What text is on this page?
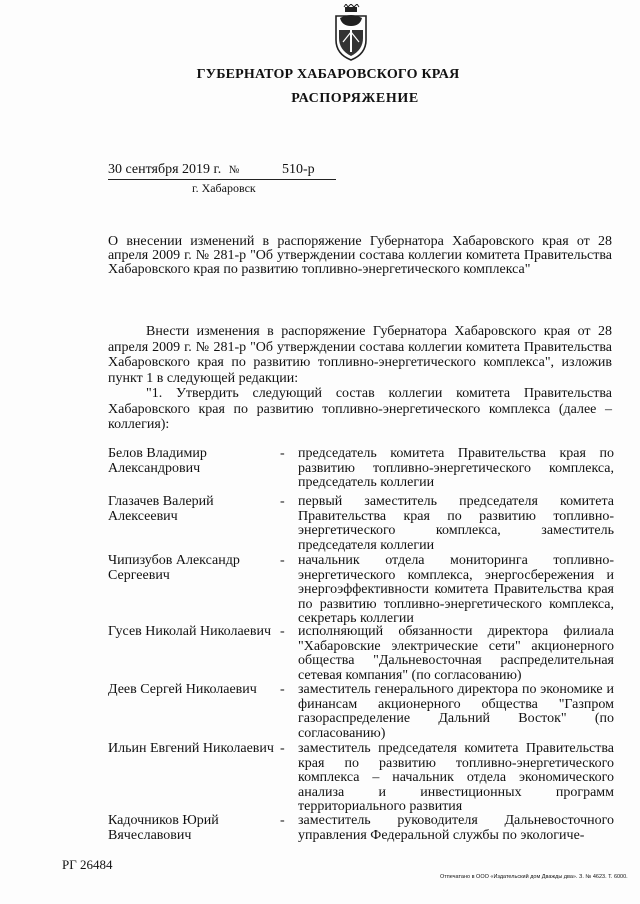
ГУБЕРНАТОР ХАБАРОВСКОГО КРАЯ
РАСПОРЯЖЕНИЕ
30 сентября 2019 г. №	510-р
г. Хабаровск
О внесении изменений в распоряжение Губернатора Хабаровского края от 28 апреля 2009 г. № 281-р "Об утверждении состава коллегии комитета Правительства Хабаровского края по развитию топливно-энергетического комплекса"
Внести изменения в распоряжение Губернатора Хабаровского края от 28 апреля 2009 г. № 281-р "Об утверждении состава коллегии комитета Правительства Хабаровского края по развитию топливно-энергетического комплекса", изложив пункт 1 в следующей редакции:
"1. Утвердить следующий состав коллегии комитета Правительства Хабаровского края по развитию топливно-энергетического комплекса (далее – коллегия):
Белов Владимир Александрович
- председатель комитета Правительства края по развитию топливно-энергетического комплекса, председатель коллегии
Глазачев Валерий Алексеевич
- первый заместитель председателя комитета Правительства края по развитию топливно-энергетического комплекса, заместитель председателя коллегии
Чипизубов Александр Сергеевич
- начальник отдела мониторинга топливно-энергетического комплекса, энергосбережения и энергоэффективности комитета Правительства края по развитию топливно-энергетического комплекса, секретарь коллегии
Гусев Николай Николаевич - исполняющий обязанности директора филиала "Хабаровские электрические сети" акционерного общества "Дальневосточная распределительная сетевая компания" (по согласованию)
Деев Сергей Николаевич	- заместитель генерального директора по экономике и финансам акционерного общества "Газпром газораспределение Дальний Восток" (по согласованию)
Ильин Евгений Николаевич - заместитель председателя комитета Правительства края по развитию топливно-энергетического комплекса – начальник отдела экономического анализа и инвестиционных программ территориального развития
Кадочников Юрий Вячеславович
- заместитель руководителя Дальневосточного управления Федеральной службы по экологиче-
РГ 26484
Отпечатано в ООО «Издательский дом Дважды два». З. № 4623. Т. 6000.
